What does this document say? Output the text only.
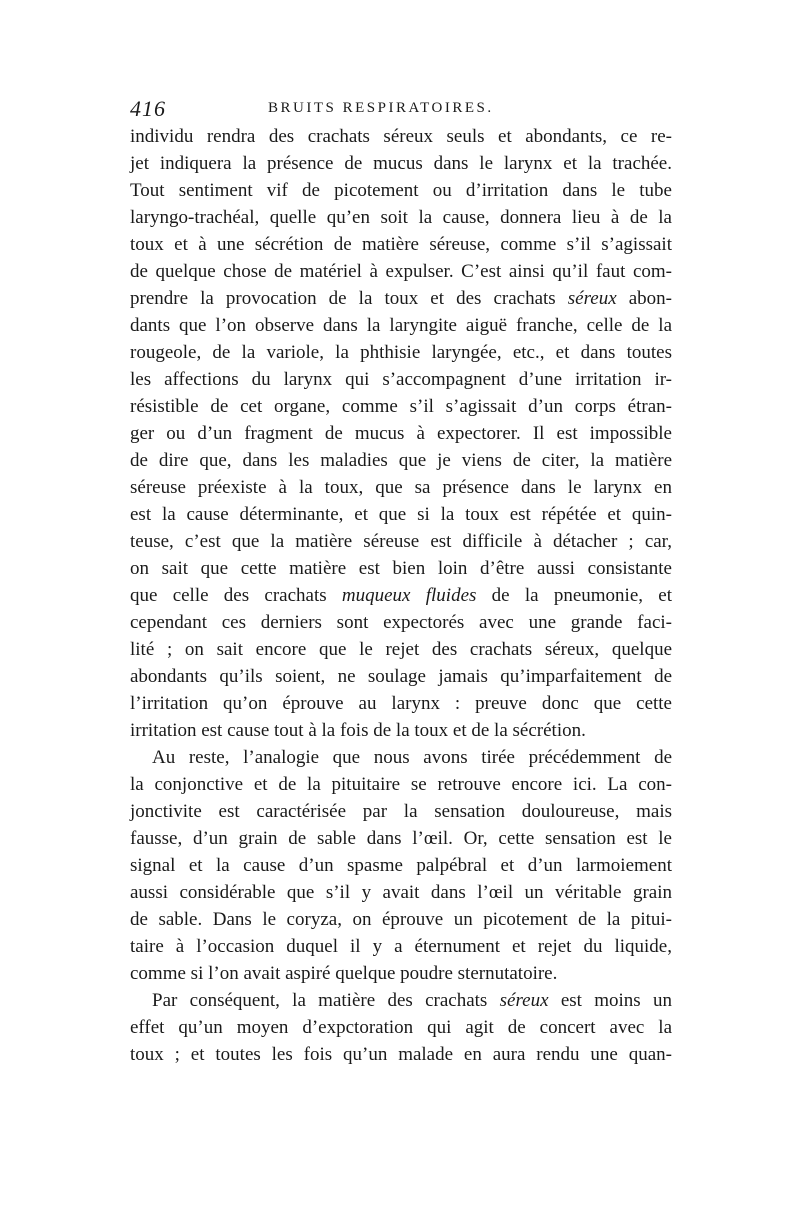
416	BRUITS RESPIRATOIRES.
individu rendra des crachats séreux seuls et abondants, ce re-
jet indiquera la présence de mucus dans le larynx et la trachée.
Tout sentiment vif de picotement ou d’irritation dans le tube
laryngo-trachéal, quelle qu’en soit la cause, donnera lieu à de la
toux et à une sécrétion de matière séreuse, comme s’il s’agissait
de quelque chose de matériel à expulser. C’est ainsi qu’il faut com-
prendre la provocation de la toux et des crachats séreux abon-
dants que l’on observe dans la laryngite aiguë franche, celle de la
rougeole, de la variole, la phthisie laryngée, etc., et dans toutes
les affections du larynx qui s’accompagnent d’une irritation ir-
résistible de cet organe, comme s’il s’agissait d’un corps étran-
ger ou d’un fragment de mucus à expectorer. Il est impossible
de dire que, dans les maladies que je viens de citer, la matière
séreuse préexiste à la toux, que sa présence dans le larynx en
est la cause déterminante, et que si la toux est répétée et quin-
teuse, c’est que la matière séreuse est difficile à détacher ; car,
on sait que cette matière est bien loin d’être aussi consistante
que celle des crachats muqueux fluides de la pneumonie, et
cependant ces derniers sont expectorés avec une grande faci-
lité ; on sait encore que le rejet des crachats séreux, quelque
abondants qu’ils soient, ne soulage jamais qu’imparfaitement de
l’irritation qu’on éprouve au larynx : preuve donc que cette
irritation est cause tout à la fois de la toux et de la sécrétion.
Au reste, l’analogie que nous avons tirée précédemment de
la conjonctive et de la pituitaire se retrouve encore ici. La con-
jonctivite est caractérisée par la sensation douloureuse, mais
fausse, d’un grain de sable dans l’œil. Or, cette sensation est le
signal et la cause d’un spasme palpébral et d’un larmoiement
aussi considérable que s’il y avait dans l’œil un véritable grain
de sable. Dans le coryza, on éprouve un picotement de la pitui-
taire à l’occasion duquel il y a éternument et rejet du liquide,
comme si l’on avait aspiré quelque poudre sternutatoire.
Par conséquent, la matière des crachats séreux est moins un
effet qu’un moyen d’expctoration qui agit de concert avec la
toux ; et toutes les fois qu’un malade en aura rendu une quan-
